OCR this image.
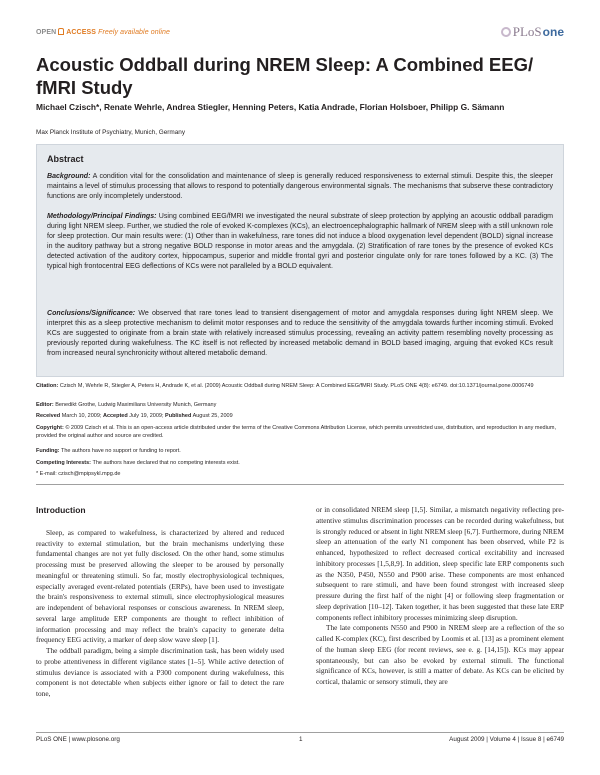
OPEN ACCESS Freely available online	PLoSone
Acoustic Oddball during NREM Sleep: A Combined EEG/ fMRI Study
Michael Czisch*, Renate Wehrle, Andrea Stiegler, Henning Peters, Katia Andrade, Florian Holsboer, Philipp G. Sämann
Max Planck Institute of Psychiatry, Munich, Germany
Abstract
Background: A condition vital for the consolidation and maintenance of sleep is generally reduced responsiveness to external stimuli. Despite this, the sleeper maintains a level of stimulus processing that allows to respond to potentially dangerous environmental signals. The mechanisms that subserve these contradictory functions are only incompletely understood.
Methodology/Principal Findings: Using combined EEG/fMRI we investigated the neural substrate of sleep protection by applying an acoustic oddball paradigm during light NREM sleep. Further, we studied the role of evoked K-complexes (KCs), an electroencephalographic hallmark of NREM sleep with a still unknown role for sleep protection. Our main results were: (1) Other than in wakefulness, rare tones did not induce a blood oxygenation level dependent (BOLD) signal increase in the auditory pathway but a strong negative BOLD response in motor areas and the amygdala. (2) Stratification of rare tones by the presence of evoked KCs detected activation of the auditory cortex, hippocampus, superior and middle frontal gyri and posterior cingulate only for rare tones followed by a KC. (3) The typical high frontocentral EEG deflections of KCs were not paralleled by a BOLD equivalent.
Conclusions/Significance: We observed that rare tones lead to transient disengagement of motor and amygdala responses during light NREM sleep. We interpret this as a sleep protective mechanism to delimit motor responses and to reduce the sensitivity of the amygdala towards further incoming stimuli. Evoked KCs are suggested to originate from a brain state with relatively increased stimulus processing, revealing an activity pattern resembling novelty processing as previously reported during wakefulness. The KC itself is not reflected by increased metabolic demand in BOLD based imaging, arguing that evoked KCs result from increased neural synchronicity without altered metabolic demand.
Citation: Czisch M, Wehrle R, Stiegler A, Peters H, Andrade K, et al. (2009) Acoustic Oddball during NREM Sleep: A Combined EEG/fMRI Study. PLoS ONE 4(8): e6749. doi:10.1371/journal.pone.0006749
Editor: Benedikt Grothe, Ludwig Maximilians University Munich, Germany
Received March 10, 2009; Accepted July 19, 2009; Published August 25, 2009
Copyright: © 2009 Czisch et al. This is an open-access article distributed under the terms of the Creative Commons Attribution License, which permits unrestricted use, distribution, and reproduction in any medium, provided the original author and source are credited.
Funding: The authors have no support or funding to report.
Competing Interests: The authors have declared that no competing interests exist.
* E-mail: czisch@mpipsykl.mpg.de
Introduction

Sleep, as compared to wakefulness, is characterized by altered and reduced reactivity to external stimulation, but the brain mechanisms underlying these fundamental changes are not yet fully disclosed. On the other hand, some stimulus processing must be preserved allowing the sleeper to be aroused by personally meaningful or threatening stimuli. So far, mostly electrophysiological techniques, especially averaged event-related potentials (ERPs), have been used to investigate the brain's responsiveness to external stimuli, since electrophysiological measures are independent of behavioral responses or conscious awareness. In NREM sleep, several large amplitude ERP components are thought to reflect inhibition of information processing and may reflect the brain's capacity to generate delta frequency EEG activity, a marker of deep slow wave sleep [1].

The oddball paradigm, being a simple discrimination task, has been widely used to probe attentiveness in different vigilance states [1–5]. While active detection of stimulus deviance is associated with a P300 component during wakefulness, this component is not detectable when subjects either ignore or fail to detect the rare tone,

or in consolidated NREM sleep [1,5]. Similar, a mismatch negativity reflecting pre-attentive stimulus discrimination processes can be recorded during wakefulness, but is strongly reduced or absent in light NREM sleep [6,7]. Furthermore, during NREM sleep an attenuation of the early N1 component has been observed, while P2 is enhanced, hypothesized to reflect decreased cortical excitability and increased inhibitory processes [1,5,8,9]. In addition, sleep specific late ERP components such as the N350, P450, N550 and P900 arise. These components are most enhanced subsequent to rare stimuli, and have been found strongest with increased sleep pressure during the first half of the night [4] or following sleep fragmentation or sleep deprivation [10–12]. Taken together, it has been suggested that these late ERP components reflect inhibitory processes minimizing sleep disruption.

The late components N550 and P900 in NREM sleep are a reflection of the so called K-complex (KC), first described by Loomis et al. [13] as a prominent element of the human sleep EEG (for recent reviews, see e. g. [14,15]). KCs may appear spontaneously, but can also be evoked by external stimuli. The functional significance of KCs, however, is still a matter of debate. As KCs can be elicited by cortical, thalamic or sensory stimuli, they are

PLoS ONE | www.plosone.org	1	August 2009 | Volume 4 | Issue 8 | e6749
